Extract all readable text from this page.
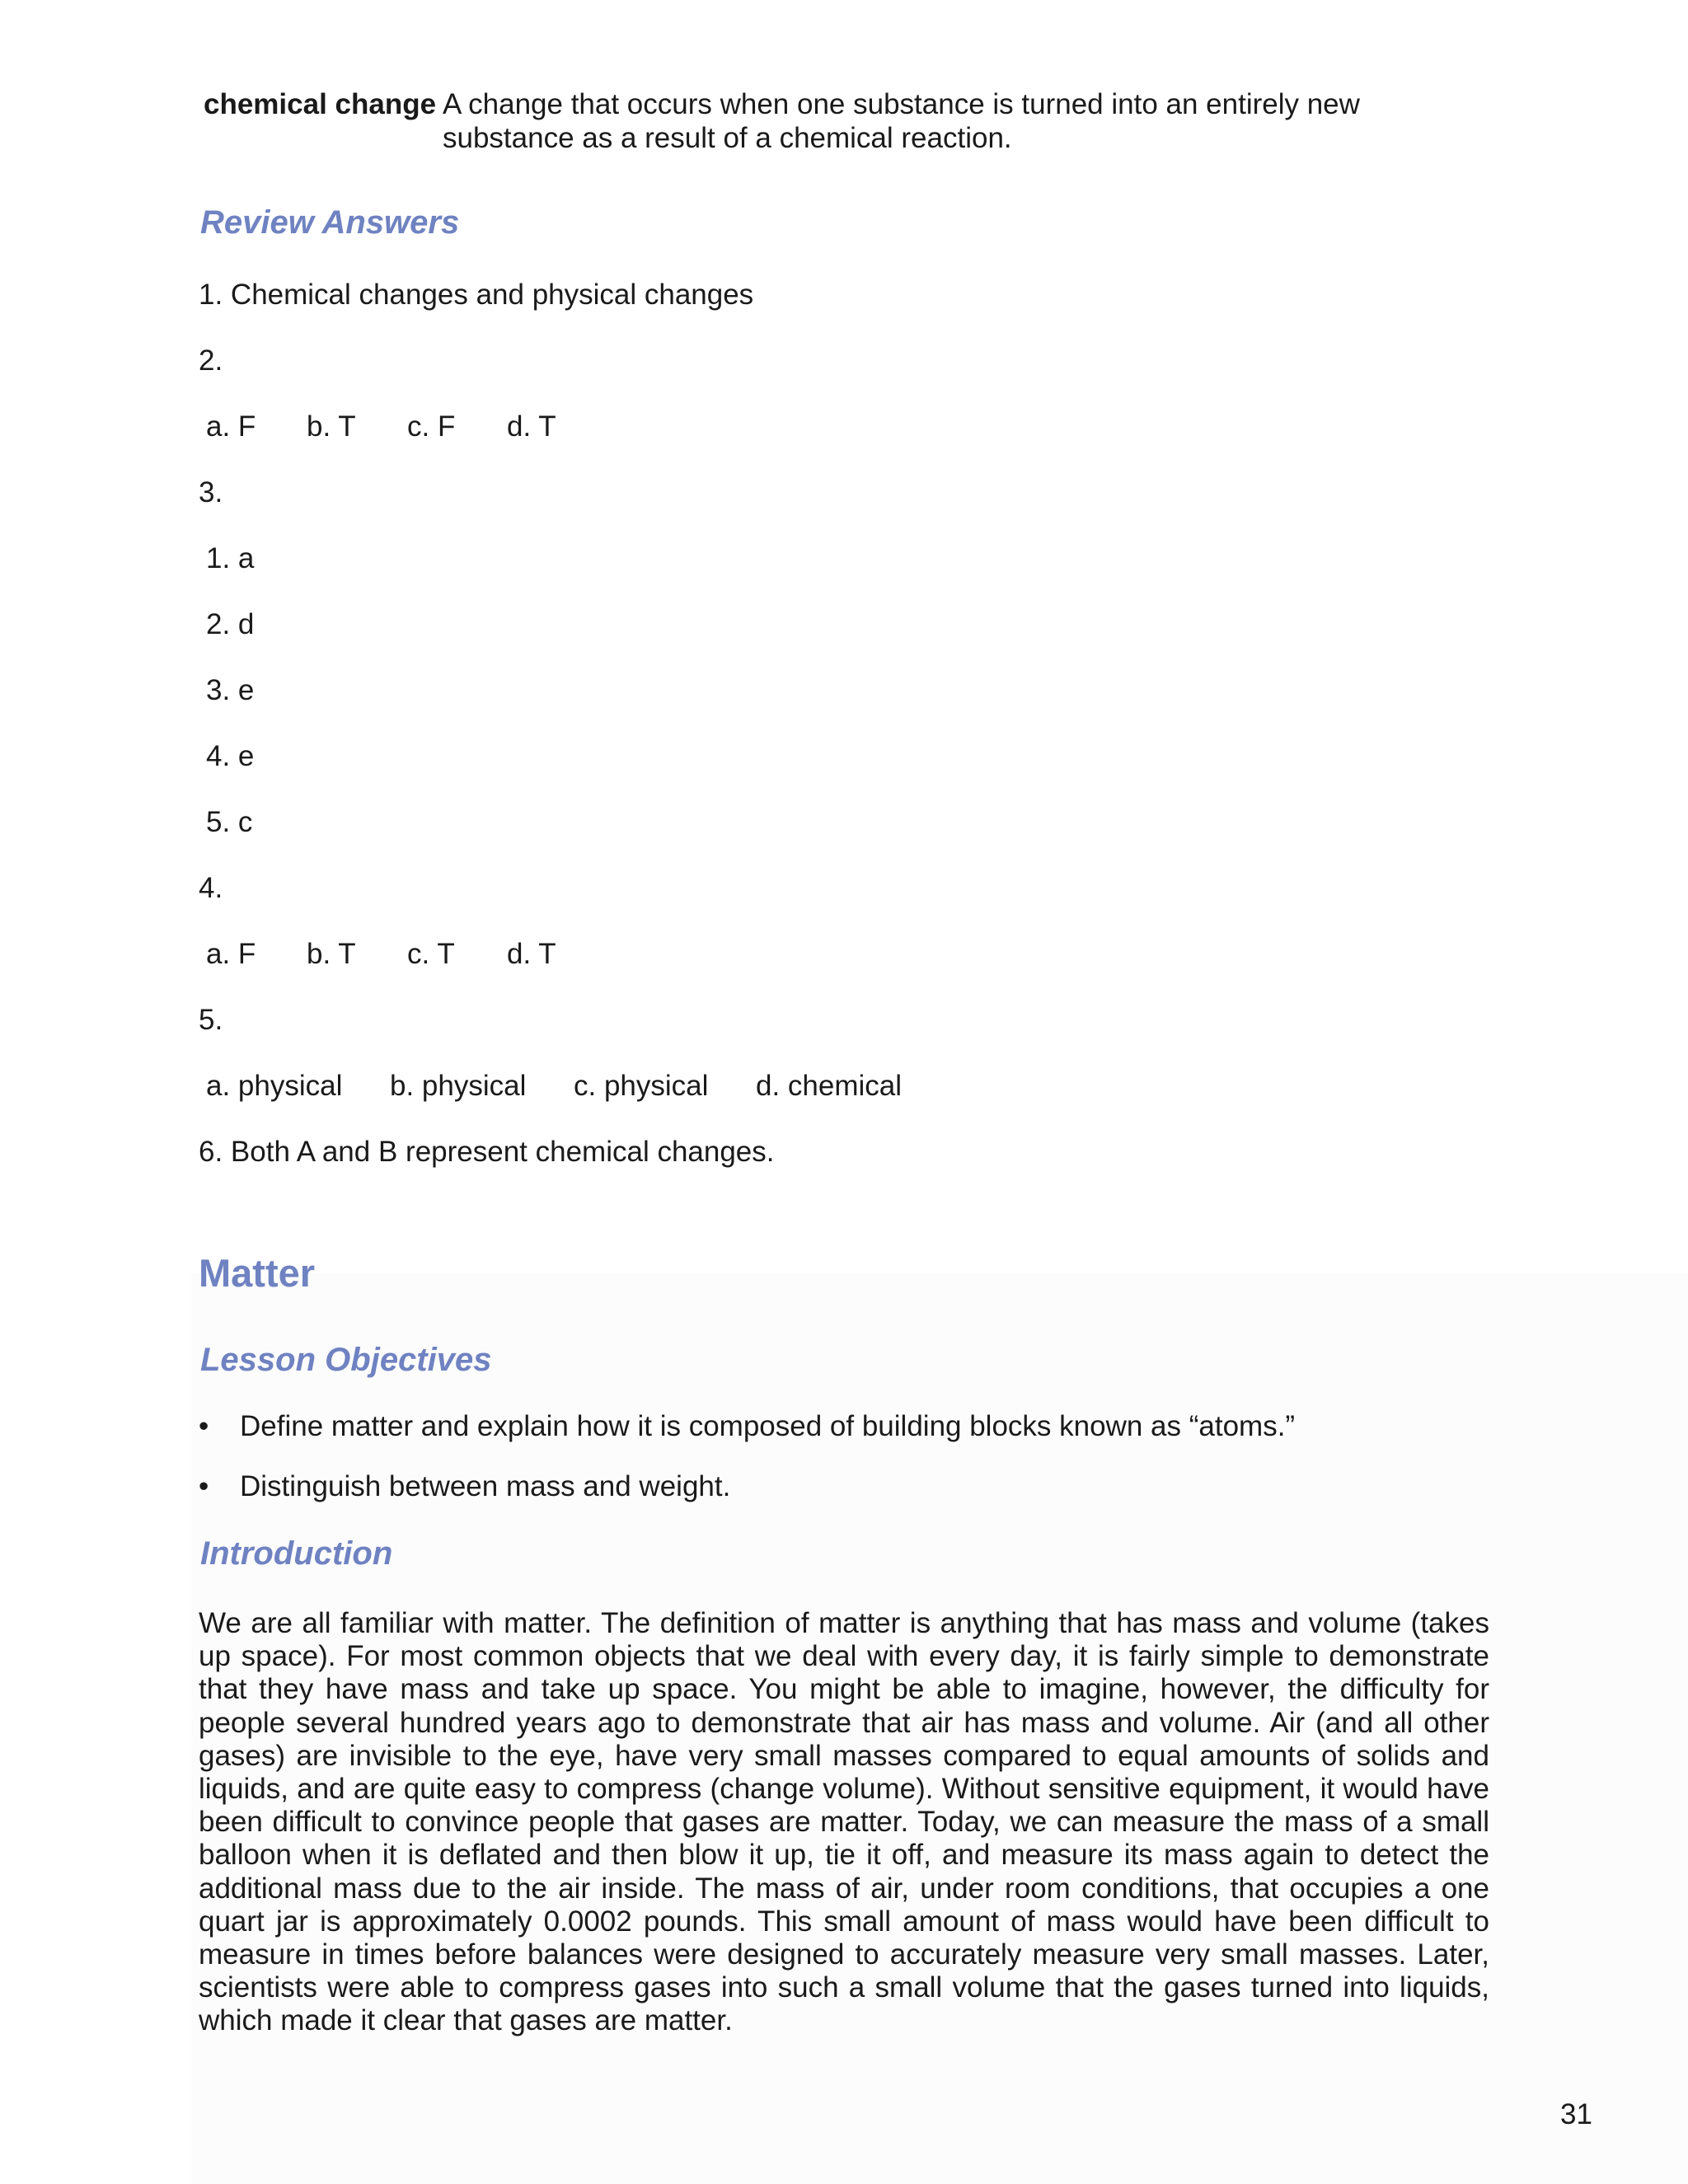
chemical change A change that occurs when one substance is turned into an entirely new substance as a result of a chemical reaction.
Review Answers
1. Chemical changes and physical changes
2.
a. F b. T c. F d. T
3.
1. a
2. d
3. e
4. e
5. c
4.
a. F b. T c. T d. T
5.
a. physical b. physical c. physical d. chemical
6. Both A and B represent chemical changes.
Matter
Lesson Objectives
• Define matter and explain how it is composed of building blocks known as “atoms.”
• Distinguish between mass and weight.
Introduction

We are all familiar with matter. The definition of matter is anything that has mass and volume (takes up space). For most common objects that we deal with every day, it is fairly simple to demonstrate that they have mass and take up space. You might be able to imagine, however, the difficulty for people several hundred years ago to demonstrate that air has mass and volume. Air (and all other gases) are invisible to the eye, have very small masses compared to equal amounts of solids and liquids, and are quite easy to compress (change volume). Without sensitive equipment, it would have been difficult to convince people that gases are matter. Today, we can measure the mass of a small balloon when it is deflated and then blow it up, tie it off, and measure its mass again to detect the additional mass due to the air inside. The mass of air, under room conditions, that occupies a one quart jar is approximately 0.0002 pounds. This small amount of mass would have been difficult to measure in times before balances were designed to accurately measure very small masses. Later, scientists were able to compress gases into such a small volume that the gases turned into liquids, which made it clear that gases are matter.

31
